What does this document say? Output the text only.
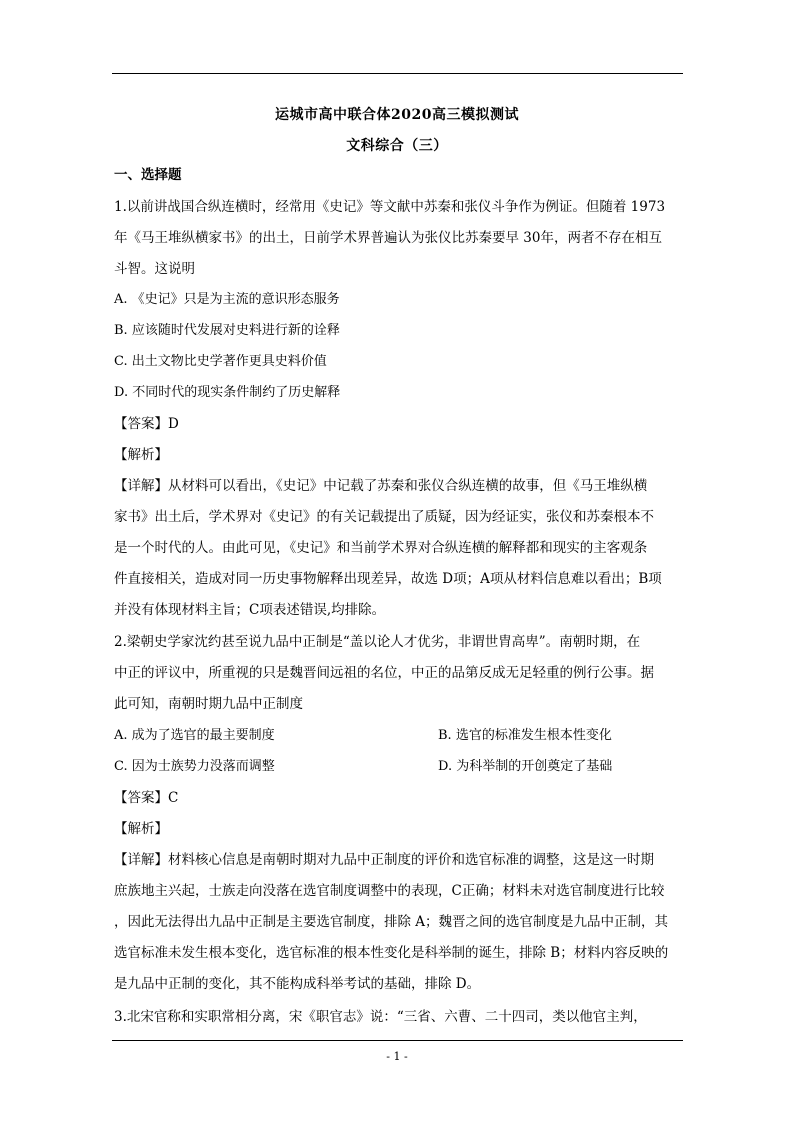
运城市高中联合体2020高三模拟测试
文科综合（三）
一、选择题
1.以前讲战国合纵连横时，经常用《史记》等文献中苏秦和张仪斗争作为例证。但随着 1973
年《马王堆纵横家书》的出土，日前学术界普遍认为张仪比苏秦要早 30年，两者不存在相互
斗智。这说明
A. 《史记》只是为主流的意识形态服务
B. 应该随时代发展对史料进行新的诠释
C. 出土文物比史学著作更具史料价值
D. 不同时代的现实条件制约了历史解释
【答案】D
【解析】
【详解】从材料可以看出，《史记》中记载了苏秦和张仪合纵连横的故事，但《马王堆纵横
家书》出土后，学术界对《史记》的有关记载提出了质疑，因为经证实，张仪和苏秦根本不
是一个时代的人。由此可见，《史记》和当前学术界对合纵连横的解释都和现实的主客观条
件直接相关，造成对同一历史事物解释出现差异，故选 D项；A项从材料信息难以看出；B项
并没有体现材料主旨；C项表述错误,均排除。
2.梁朝史学家沈约甚至说九品中正制是“盖以论人才优劣，非谓世胄高卑”。南朝时期，在
中正的评议中，所重视的只是魏晋间远祖的名位，中正的品第反成无足轻重的例行公事。据
此可知，南朝时期九品中正制度
A. 成为了选官的最主要制度	B. 选官的标准发生根本性变化
C. 因为士族势力没落而调整	D. 为科举制的开创奠定了基础
【答案】C
【解析】
【详解】材料核心信息是南朝时期对九品中正制度的评价和选官标准的调整，这是这一时期
庶族地主兴起，士族走向没落在选官制度调整中的表现，C正确；材料未对选官制度进行比较
，因此无法得出九品中正制是主要选官制度，排除 A；魏晋之间的选官制度是九品中正制，其
选官标准未发生根本变化，选官标准的根本性变化是科举制的诞生，排除 B；材料内容反映的
是九品中正制的变化，其不能构成科举考试的基础，排除 D。
3.北宋官称和实职常相分离，宋《职官志》说：“三省、六曹、二十四司，类以他官主判，
- 1 -
